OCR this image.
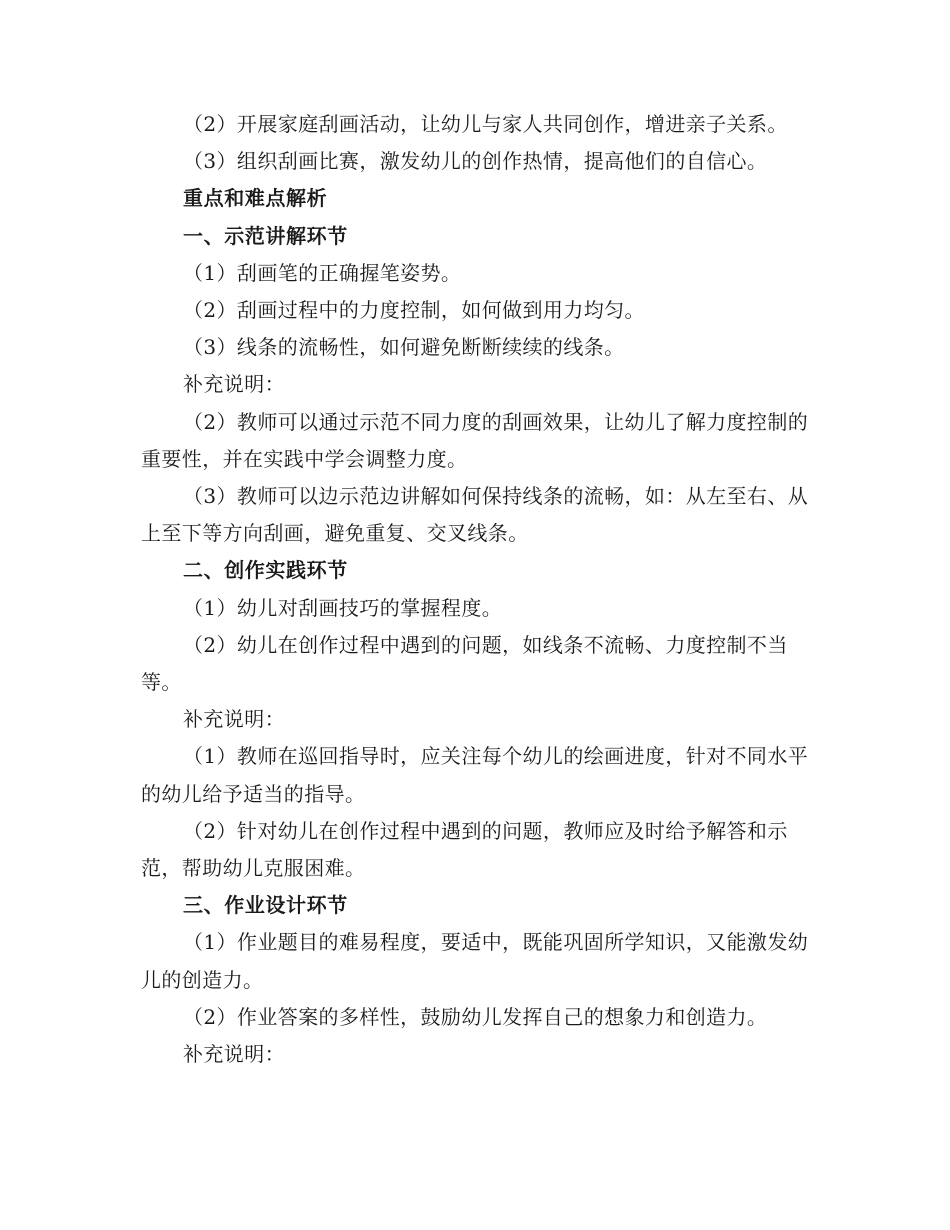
（2）开展家庭刮画活动，让幼儿与家人共同创作，增进亲子关系。

（3）组织刮画比赛，激发幼儿的创作热情，提高他们的自信心。

重点和难点解析

一、示范讲解环节

（1）刮画笔的正确握笔姿势。

（2）刮画过程中的力度控制，如何做到用力均匀。

（3）线条的流畅性，如何避免断断续续的线条。

补充说明：

（2）教师可以通过示范不同力度的刮画效果，让幼儿了解力度控制的重要性，并在实践中学会调整力度。

（3）教师可以边示范边讲解如何保持线条的流畅，如：从左至右、从上至下等方向刮画，避免重复、交叉线条。

二、创作实践环节

（1）幼儿对刮画技巧的掌握程度。

（2）幼儿在创作过程中遇到的问题，如线条不流畅、力度控制不当等。

补充说明：

（1）教师在巡回指导时，应关注每个幼儿的绘画进度，针对不同水平的幼儿给予适当的指导。

（2）针对幼儿在创作过程中遇到的问题，教师应及时给予解答和示范，帮助幼儿克服困难。

三、作业设计环节

（1）作业题目的难易程度，要适中，既能巩固所学知识，又能激发幼儿的创造力。

（2）作业答案的多样性，鼓励幼儿发挥自己的想象力和创造力。

补充说明：
